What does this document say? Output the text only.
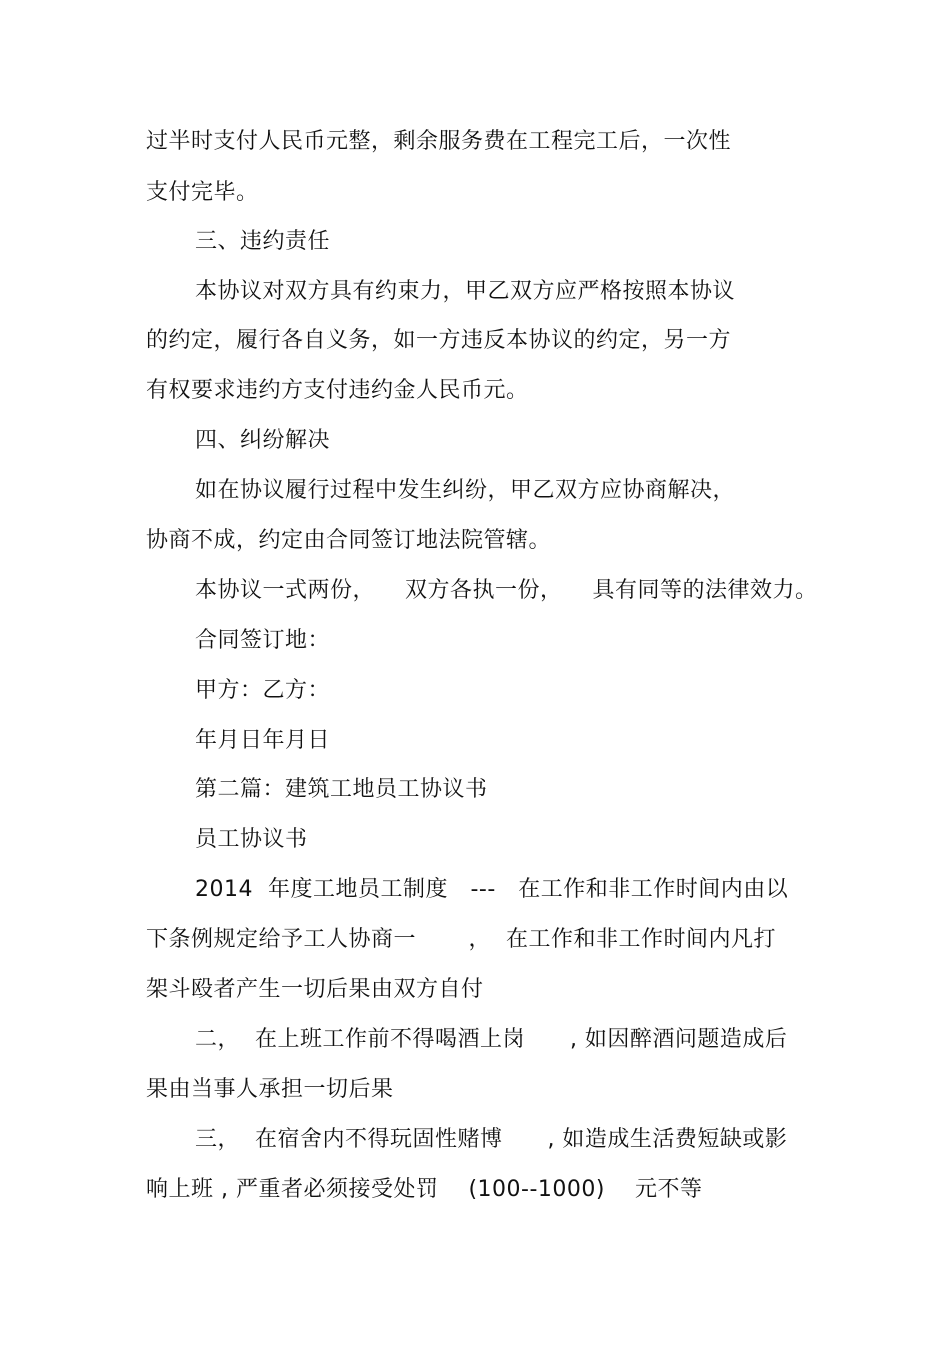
过半时支付人民币元整，剩余服务费在工程完工后，一次性
支付完毕。
三、违约责任
本协议对双方具有约束力，甲乙双方应严格按照本协议
的约定，履行各自义务，如一方违反本协议的约定，另一方
有权要求违约方支付违约金人民币元。
四、纠纷解决
如在协议履行过程中发生纠纷，甲乙双方应协商解决，
协商不成，约定由合同签订地法院管辖。
本协议一式两份，    双方各执一份，    具有同等的法律效力。
合同签订地：
甲方：乙方：
年月日年月日
第二篇：建筑工地员工协议书
员工协议书
2014  年度工地员工制度   ---   在工作和非工作时间内由以
下条例规定给予工人协商一       ，  在工作和非工作时间内凡打
架斗殴者产生一切后果由双方自付
二，  在上班工作前不得喝酒上岗      , 如因醉酒问题造成后
果由当事人承担一切后果
三，  在宿舍内不得玩固性赌博      , 如造成生活费短缺或影
响上班 , 严重者必须接受处罚    (100--1000)    元不等
